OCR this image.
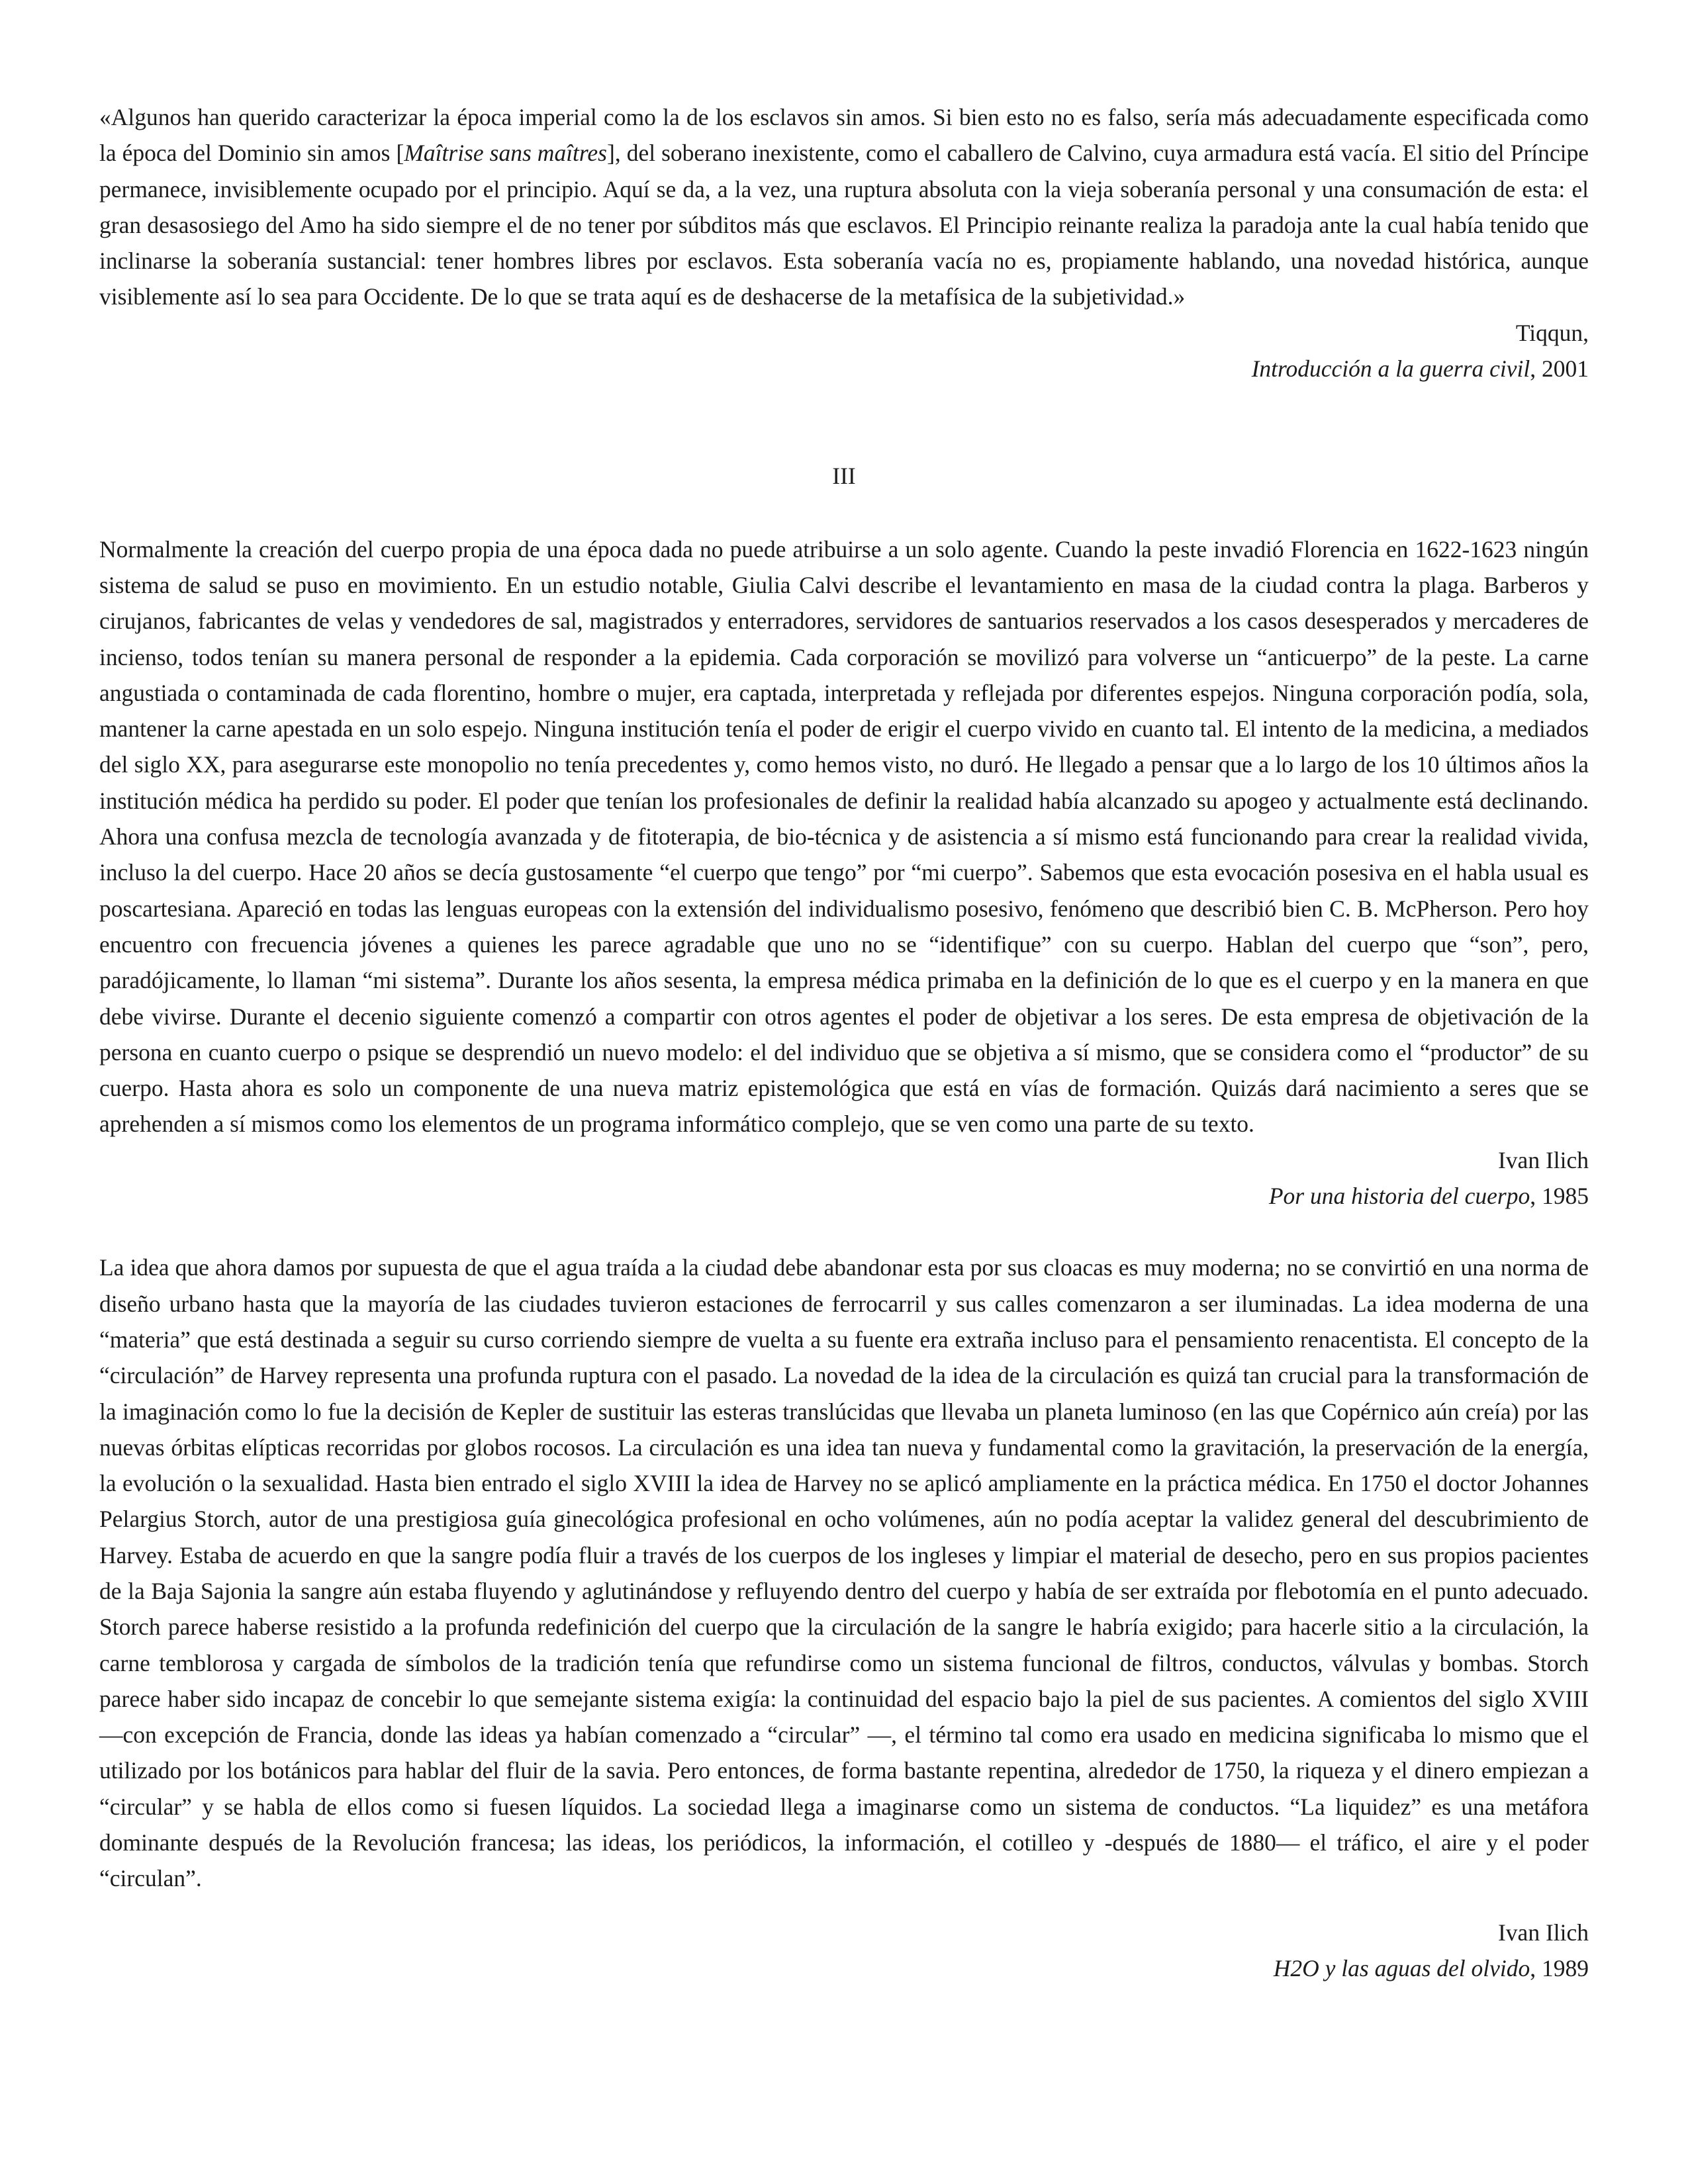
«Algunos han querido caracterizar la época imperial como la de los esclavos sin amos. Si bien esto no es falso, sería más adecuadamente especificada como la época del Dominio sin amos [Maîtrise sans maîtres], del soberano inexistente, como el caballero de Calvino, cuya armadura está vacía. El sitio del Príncipe permanece, invisiblemente ocupado por el principio. Aquí se da, a la vez, una ruptura absoluta con la vieja soberanía personal y una consumación de esta: el gran desasosiego del Amo ha sido siempre el de no tener por súbditos más que esclavos. El Principio reinante realiza la paradoja ante la cual había tenido que inclinarse la soberanía sustancial: tener hombres libres por esclavos. Esta soberanía vacía no es, propiamente hablando, una novedad histórica, aunque visiblemente así lo sea para Occidente. De lo que se trata aquí es de deshacerse de la metafísica de la subjetividad.»

Tiqqun,
Introducción a la guerra civil, 2001
III

Normalmente la creación del cuerpo propia de una época dada no puede atribuirse a un solo agente. Cuando la peste invadió Florencia en 1622-1623 ningún sistema de salud se puso en movimiento. En un estudio notable, Giulia Calvi describe el levantamiento en masa de la ciudad contra la plaga. Barberos y cirujanos, fabricantes de velas y vendedores de sal, magistrados y enterradores, servidores de santuarios reservados a los casos desesperados y mercaderes de incienso, todos tenían su manera personal de responder a la epidemia. Cada corporación se movilizó para volverse un “anticuerpo” de la peste. La carne angustiada o contaminada de cada florentino, hombre o mujer, era captada, interpretada y reflejada por diferentes espejos. Ninguna corporación podía, sola, mantener la carne apestada en un solo espejo. Ninguna institución tenía el poder de erigir el cuerpo vivido en cuanto tal. El intento de la medicina, a mediados del siglo XX, para asegurarse este monopolio no tenía precedentes y, como hemos visto, no duró. He llegado a pensar que a lo largo de los 10 últimos años la institución médica ha perdido su poder. El poder que tenían los profesionales de definir la realidad había alcanzado su apogeo y actualmente está declinando. Ahora una confusa mezcla de tecnología avanzada y de fitoterapia, de bio-técnica y de asistencia a sí mismo está funcionando para crear la realidad vivida, incluso la del cuerpo. Hace 20 años se decía gustosamente “el cuerpo que tengo” por “mi cuerpo”. Sabemos que esta evocación posesiva en el habla usual es poscartesiana. Apareció en todas las lenguas europeas con la extensión del individualismo posesivo, fenómeno que describió bien C. B. McPherson. Pero hoy encuentro con frecuencia jóvenes a quienes les parece agradable que uno no se “identifique” con su cuerpo. Hablan del cuerpo que “son”, pero, paradójicamente, lo llaman “mi sistema”. Durante los años sesenta, la empresa médica primaba en la definición de lo que es el cuerpo y en la manera en que debe vivirse. Durante el decenio siguiente comenzó a compartir con otros agentes el poder de objetivar a los seres. De esta empresa de objetivación de la persona en cuanto cuerpo o psique se desprendió un nuevo modelo: el del individuo que se objetiva a sí mismo, que se considera como el “productor” de su cuerpo. Hasta ahora es solo un componente de una nueva matriz epistemológica que está en vías de formación. Quizás dará nacimiento a seres que se aprehenden a sí mismos como los elementos de un programa informático complejo, que se ven como una parte de su texto.

Ivan Ilich
Por una historia del cuerpo, 1985

La idea que ahora damos por supuesta de que el agua traída a la ciudad debe abandonar esta por sus cloacas es muy moderna; no se convirtió en una norma de diseño urbano hasta que la mayoría de las ciudades tuvieron estaciones de ferrocarril y sus calles comenzaron a ser iluminadas. La idea moderna de una “materia” que está destinada a seguir su curso corriendo siempre de vuelta a su fuente era extraña incluso para el pensamiento renacentista. El concepto de la “circulación” de Harvey representa una profunda ruptura con el pasado. La novedad de la idea de la circulación es quizá tan crucial para la transformación de la imaginación como lo fue la decisión de Kepler de sustituir las esteras translúcidas que llevaba un planeta luminoso (en las que Copérnico aún creía) por las nuevas órbitas elípticas recorridas por globos rocosos. La circulación es una idea tan nueva y fundamental como la gravitación, la preservación de la energía, la evolución o la sexualidad. Hasta bien entrado el siglo XVIII la idea de Harvey no se aplicó ampliamente en la práctica médica. En 1750 el doctor Johannes Pelargius Storch, autor de una prestigiosa guía ginecológica profesional en ocho volúmenes, aún no podía aceptar la validez general del descubrimiento de Harvey. Estaba de acuerdo en que la sangre podía fluir a través de los cuerpos de los ingleses y limpiar el material de desecho, pero en sus propios pacientes de la Baja Sajonia la sangre aún estaba fluyendo y aglutinándose y refluyendo dentro del cuerpo y había de ser extraída por flebotomía en el punto adecuado. Storch parece haberse resistido a la profunda redefinición del cuerpo que la circulación de la sangre le habría exigido; para hacerle sitio a la circulación, la carne temblorosa y cargada de símbolos de la tradición tenía que refundirse como un sistema funcional de filtros, conductos, válvulas y bombas. Storch parece haber sido incapaz de concebir lo que semejante sistema exigía: la continuidad del espacio bajo la piel de sus pacientes. A comientos del siglo XVIII —con excepción de Francia, donde las ideas ya habían comenzado a “circular” —, el término tal como era usado en medicina significaba lo mismo que el utilizado por los botánicos para hablar del fluir de la savia. Pero entonces, de forma bastante repentina, alrededor de 1750, la riqueza y el dinero empiezan a “circular” y se habla de ellos como si fuesen líquidos. La sociedad llega a imaginarse como un sistema de conductos. “La liquidez” es una metáfora dominante después de la Revolución francesa; las ideas, los periódicos, la información, el cotilleo y -después de 1880— el tráfico, el aire y el poder “circulan”.

Ivan Ilich
H2O y las aguas del olvido, 1989
